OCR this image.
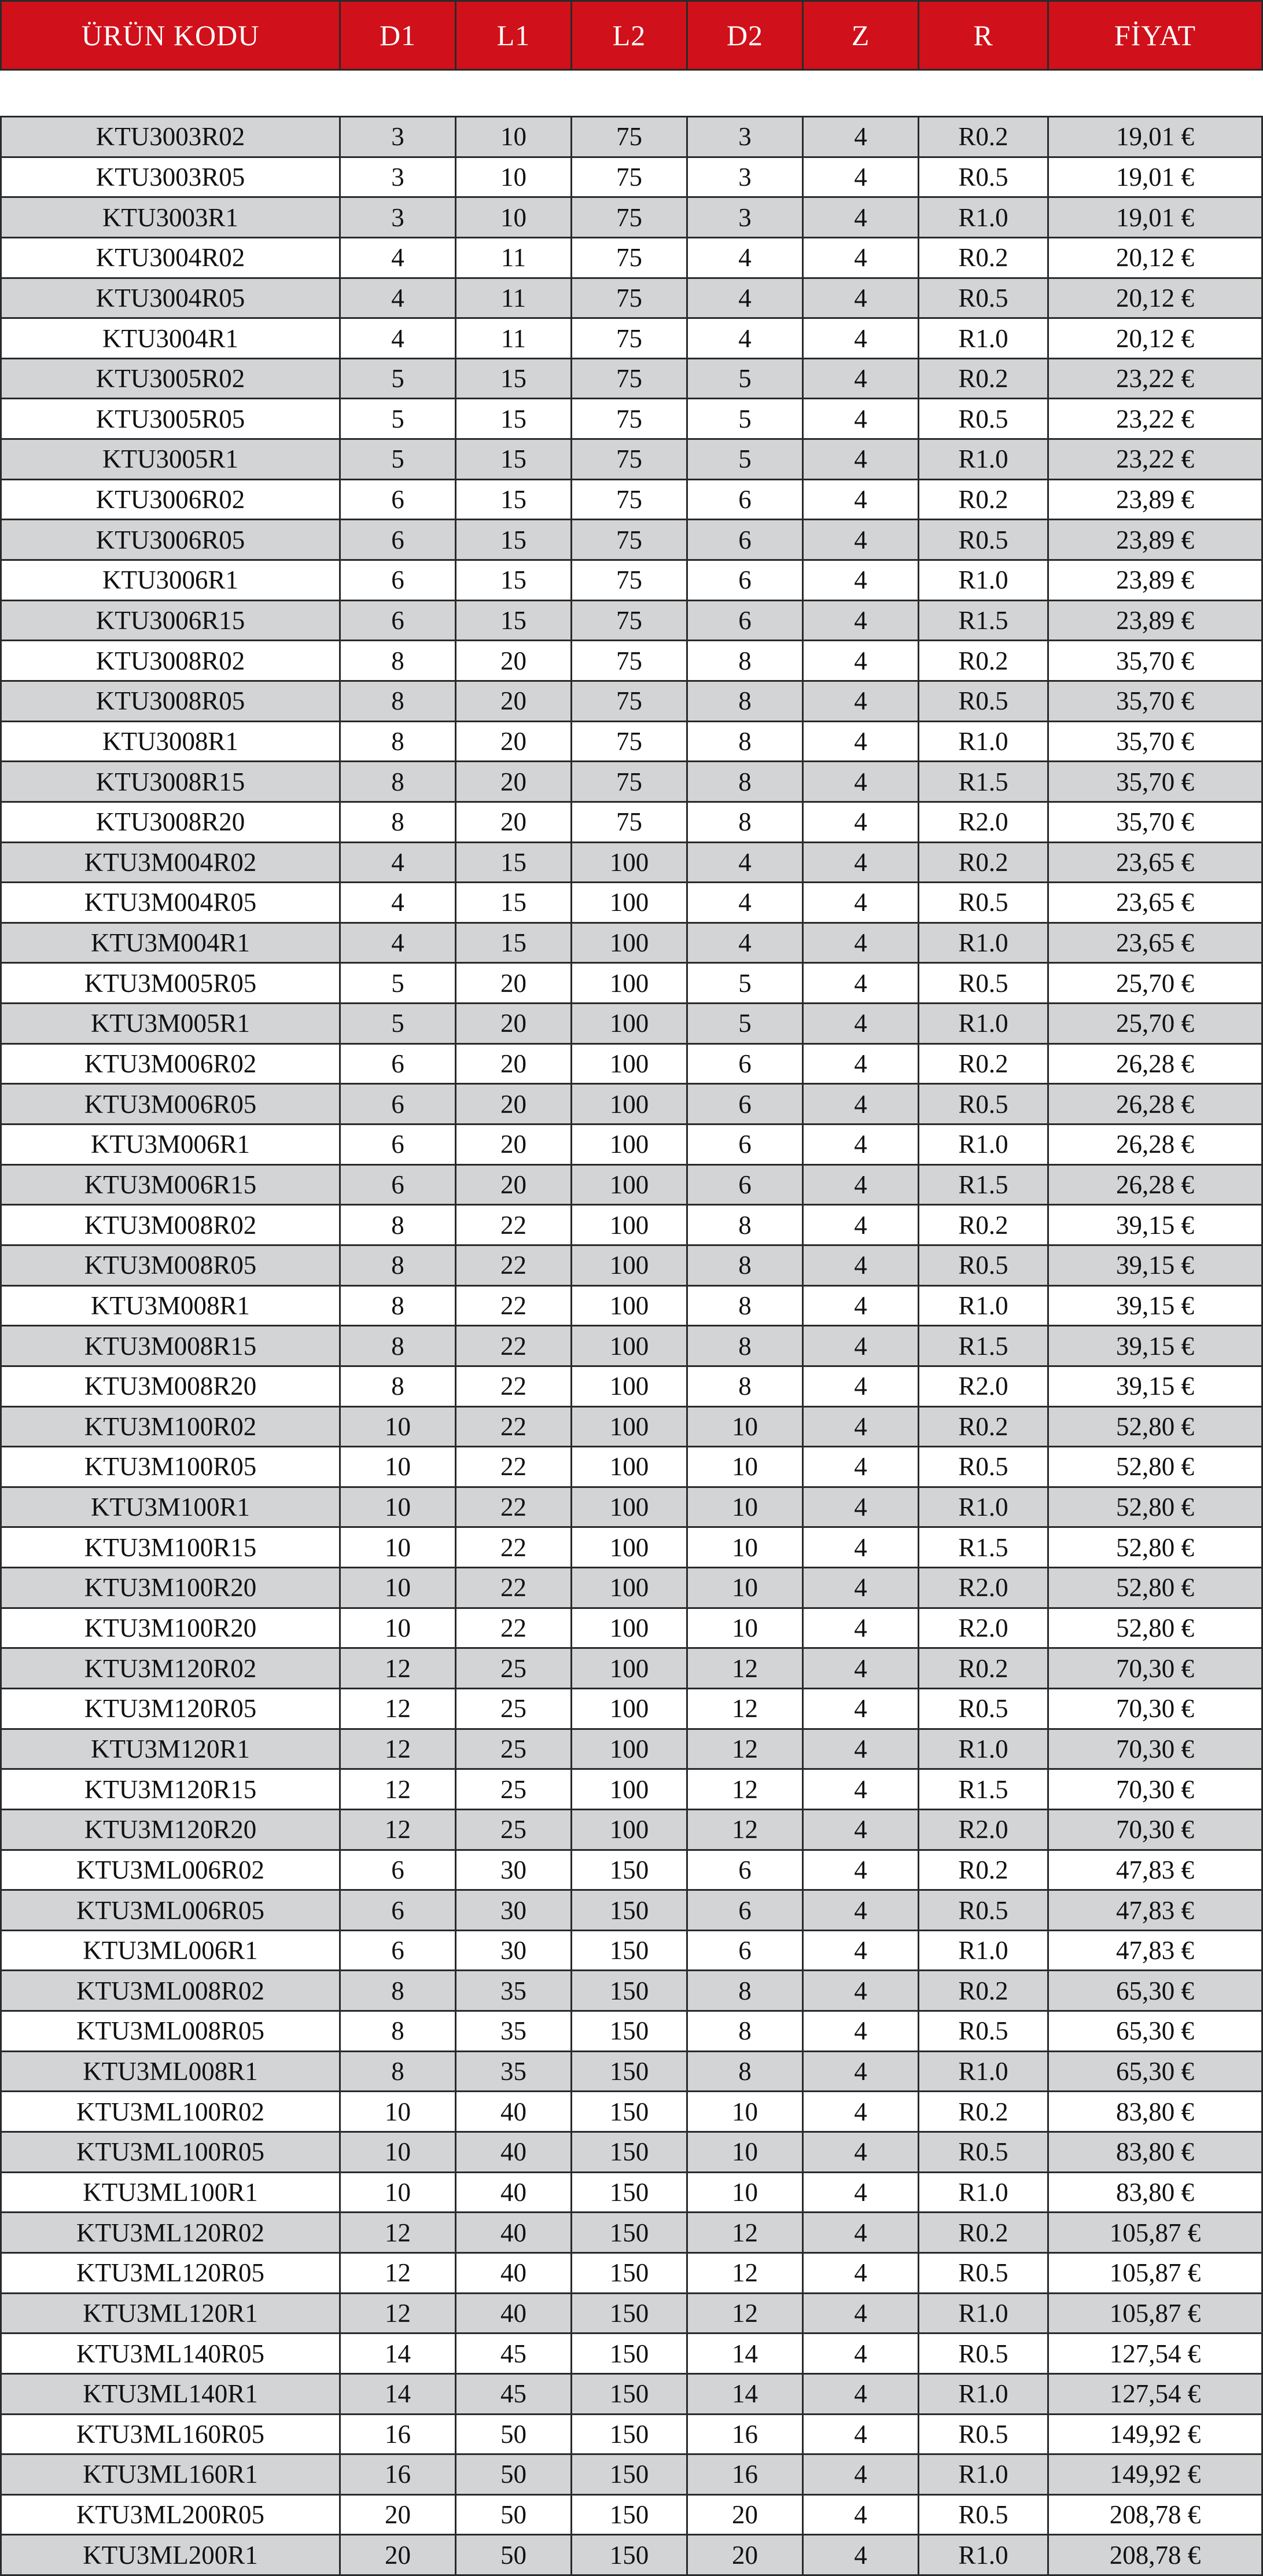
ÜRÜN KODU	D1	L1	L2	D2	Z	R	FİYAT
KTU3003R02	3	10	75	3	4	R0.2	19,01 €
KTU3003R05	3	10	75	3	4	R0.5	19,01 €
KTU3003R1	3	10	75	3	4	R1.0	19,01 €
KTU3004R02	4	11	75	4	4	R0.2	20,12 €
KTU3004R05	4	11	75	4	4	R0.5	20,12 €
KTU3004R1	4	11	75	4	4	R1.0	20,12 €
KTU3005R02	5	15	75	5	4	R0.2	23,22 €
KTU3005R05	5	15	75	5	4	R0.5	23,22 €
KTU3005R1	5	15	75	5	4	R1.0	23,22 €
KTU3006R02	6	15	75	6	4	R0.2	23,89 €
KTU3006R05	6	15	75	6	4	R0.5	23,89 €
KTU3006R1	6	15	75	6	4	R1.0	23,89 €
KTU3006R15	6	15	75	6	4	R1.5	23,89 €
KTU3008R02	8	20	75	8	4	R0.2	35,70 €
KTU3008R05	8	20	75	8	4	R0.5	35,70 €
KTU3008R1	8	20	75	8	4	R1.0	35,70 €
KTU3008R15	8	20	75	8	4	R1.5	35,70 €
KTU3008R20	8	20	75	8	4	R2.0	35,70 €
KTU3M004R02	4	15	100	4	4	R0.2	23,65 €
KTU3M004R05	4	15	100	4	4	R0.5	23,65 €
KTU3M004R1	4	15	100	4	4	R1.0	23,65 €
KTU3M005R05	5	20	100	5	4	R0.5	25,70 €
KTU3M005R1	5	20	100	5	4	R1.0	25,70 €
KTU3M006R02	6	20	100	6	4	R0.2	26,28 €
KTU3M006R05	6	20	100	6	4	R0.5	26,28 €
KTU3M006R1	6	20	100	6	4	R1.0	26,28 €
KTU3M006R15	6	20	100	6	4	R1.5	26,28 €
KTU3M008R02	8	22	100	8	4	R0.2	39,15 €
KTU3M008R05	8	22	100	8	4	R0.5	39,15 €
KTU3M008R1	8	22	100	8	4	R1.0	39,15 €
KTU3M008R15	8	22	100	8	4	R1.5	39,15 €
KTU3M008R20	8	22	100	8	4	R2.0	39,15 €
KTU3M100R02	10	22	100	10	4	R0.2	52,80 €
KTU3M100R05	10	22	100	10	4	R0.5	52,80 €
KTU3M100R1	10	22	100	10	4	R1.0	52,80 €
KTU3M100R15	10	22	100	10	4	R1.5	52,80 €
KTU3M100R20	10	22	100	10	4	R2.0	52,80 €
KTU3M100R20	10	22	100	10	4	R2.0	52,80 €
KTU3M120R02	12	25	100	12	4	R0.2	70,30 €
KTU3M120R05	12	25	100	12	4	R0.5	70,30 €
KTU3M120R1	12	25	100	12	4	R1.0	70,30 €
KTU3M120R15	12	25	100	12	4	R1.5	70,30 €
KTU3M120R20	12	25	100	12	4	R2.0	70,30 €
KTU3ML006R02	6	30	150	6	4	R0.2	47,83 €
KTU3ML006R05	6	30	150	6	4	R0.5	47,83 €
KTU3ML006R1	6	30	150	6	4	R1.0	47,83 €
KTU3ML008R02	8	35	150	8	4	R0.2	65,30 €
KTU3ML008R05	8	35	150	8	4	R0.5	65,30 €
KTU3ML008R1	8	35	150	8	4	R1.0	65,30 €
KTU3ML100R02	10	40	150	10	4	R0.2	83,80 €
KTU3ML100R05	10	40	150	10	4	R0.5	83,80 €
KTU3ML100R1	10	40	150	10	4	R1.0	83,80 €
KTU3ML120R02	12	40	150	12	4	R0.2	105,87 €
KTU3ML120R05	12	40	150	12	4	R0.5	105,87 €
KTU3ML120R1	12	40	150	12	4	R1.0	105,87 €
KTU3ML140R05	14	45	150	14	4	R0.5	127,54 €
KTU3ML140R1	14	45	150	14	4	R1.0	127,54 €
KTU3ML160R05	16	50	150	16	4	R0.5	149,92 €
KTU3ML160R1	16	50	150	16	4	R1.0	149,92 €
KTU3ML200R05	20	50	150	20	4	R0.5	208,78 €
KTU3ML200R1	20	50	150	20	4	R1.0	208,78 €
